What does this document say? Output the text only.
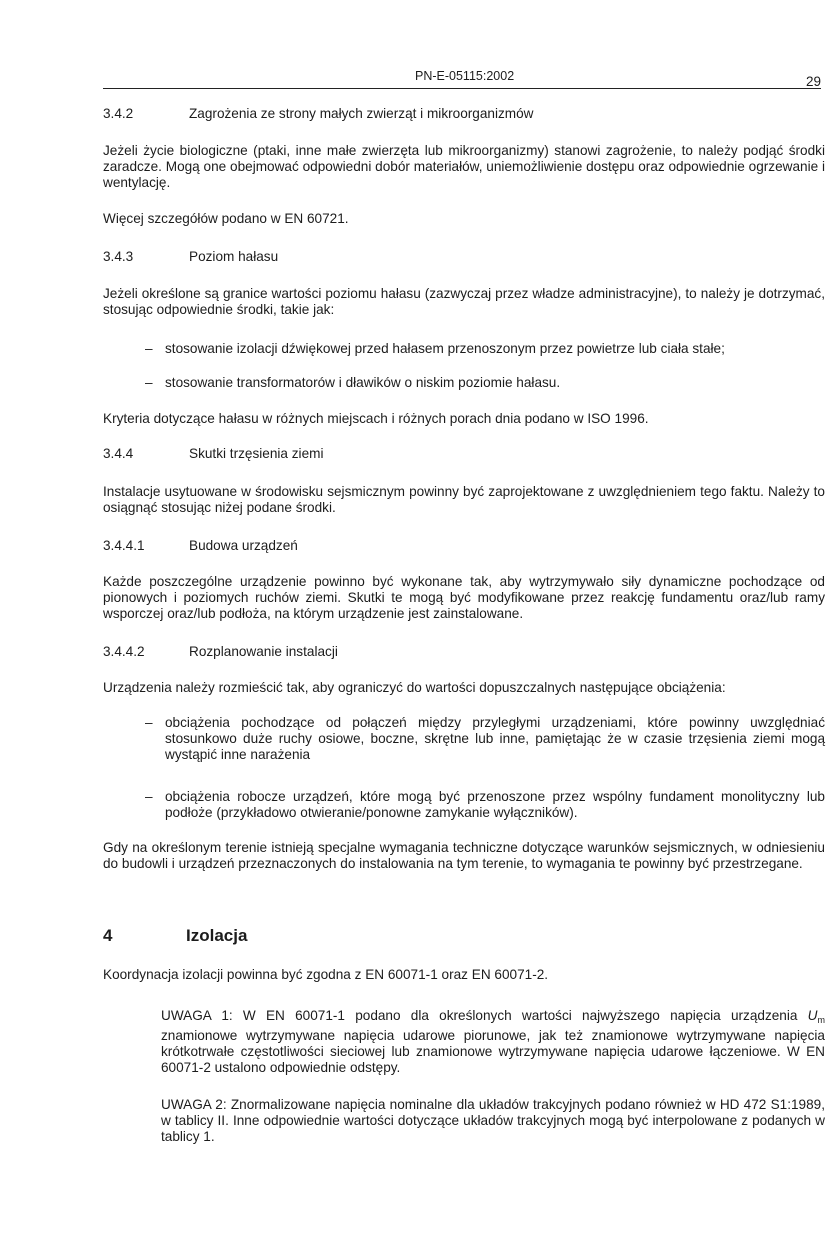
PN-E-05115:2002	29
3.4.2	Zagrożenia ze strony małych zwierząt i mikroorganizmów
Jeżeli życie biologiczne (ptaki, inne małe zwierzęta lub mikroorganizmy) stanowi zagrożenie, to należy podjąć środki zaradcze. Mogą one obejmować odpowiedni dobór materiałów, uniemożliwienie dostępu oraz odpowiednie ogrzewanie i wentylację.
Więcej szczegółów podano w EN 60721.
3.4.3	Poziom hałasu
Jeżeli określone są granice wartości poziomu hałasu (zazwyczaj przez władze administracyjne), to należy je dotrzymać, stosując odpowiednie środki, takie jak:
– stosowanie izolacji dźwiękowej przed hałasem przenoszonym przez powietrze lub ciała stałe;
– stosowanie transformatorów i dławików o niskim poziomie hałasu.
Kryteria dotyczące hałasu w różnych miejscach i różnych porach dnia podano w ISO 1996.
3.4.4	Skutki trzęsienia ziemi
Instalacje usytuowane w środowisku sejsmicznym powinny być zaprojektowane z uwzględnieniem tego faktu. Należy to osiągnąć stosując niżej podane środki.
3.4.4.1	Budowa urządzeń
Każde poszczególne urządzenie powinno być wykonane tak, aby wytrzymywało siły dynamiczne pochodzące od pionowych i poziomych ruchów ziemi. Skutki te mogą być modyfikowane przez reakcję fundamentu oraz/lub ramy wsporczej oraz/lub podłoża, na którym urządzenie jest zainstalowane.
3.4.4.2	Rozplanowanie instalacji
Urządzenia należy rozmieścić tak, aby ograniczyć do wartości dopuszczalnych następujące obciążenia:
– obciążenia pochodzące od połączeń między przyległymi urządzeniami, które powinny uwzględniać stosunkowo duże ruchy osiowe, boczne, skrętne lub inne, pamiętając że w czasie trzęsienia ziemi mogą wystąpić inne narażenia
– obciążenia robocze urządzeń, które mogą być przenoszone przez wspólny fundament monolityczny lub podłoże (przykładowo otwieranie/ponowne zamykanie wyłączników).
Gdy na określonym terenie istnieją specjalne wymagania techniczne dotyczące warunków sejsmicznych, w odniesieniu do budowli i urządzeń przeznaczonych do instalowania na tym terenie, to wymagania te powinny być przestrzegane.
4	Izolacja
Koordynacja izolacji powinna być zgodna z EN 60071-1 oraz EN 60071-2.
UWAGA 1: W EN 60071-1 podano dla określonych wartości najwyższego napięcia urządzenia $U_m$ znamionowe wytrzymywane napięcia udarowe piorunowe, jak też znamionowe wytrzymywane napięcia krótkotrwałe częstotliwości sieciowej lub znamionowe wytrzymywane napięcia udarowe łączeniowe. W EN 60071-2 ustalono odpowiednie odstępy.
UWAGA 2: Znormalizowane napięcia nominalne dla układów trakcyjnych podano również w HD 472 S1:1989, w tablicy II. Inne odpowiednie wartości dotyczące układów trakcyjnych mogą być interpolowane z podanych w tablicy 1.
